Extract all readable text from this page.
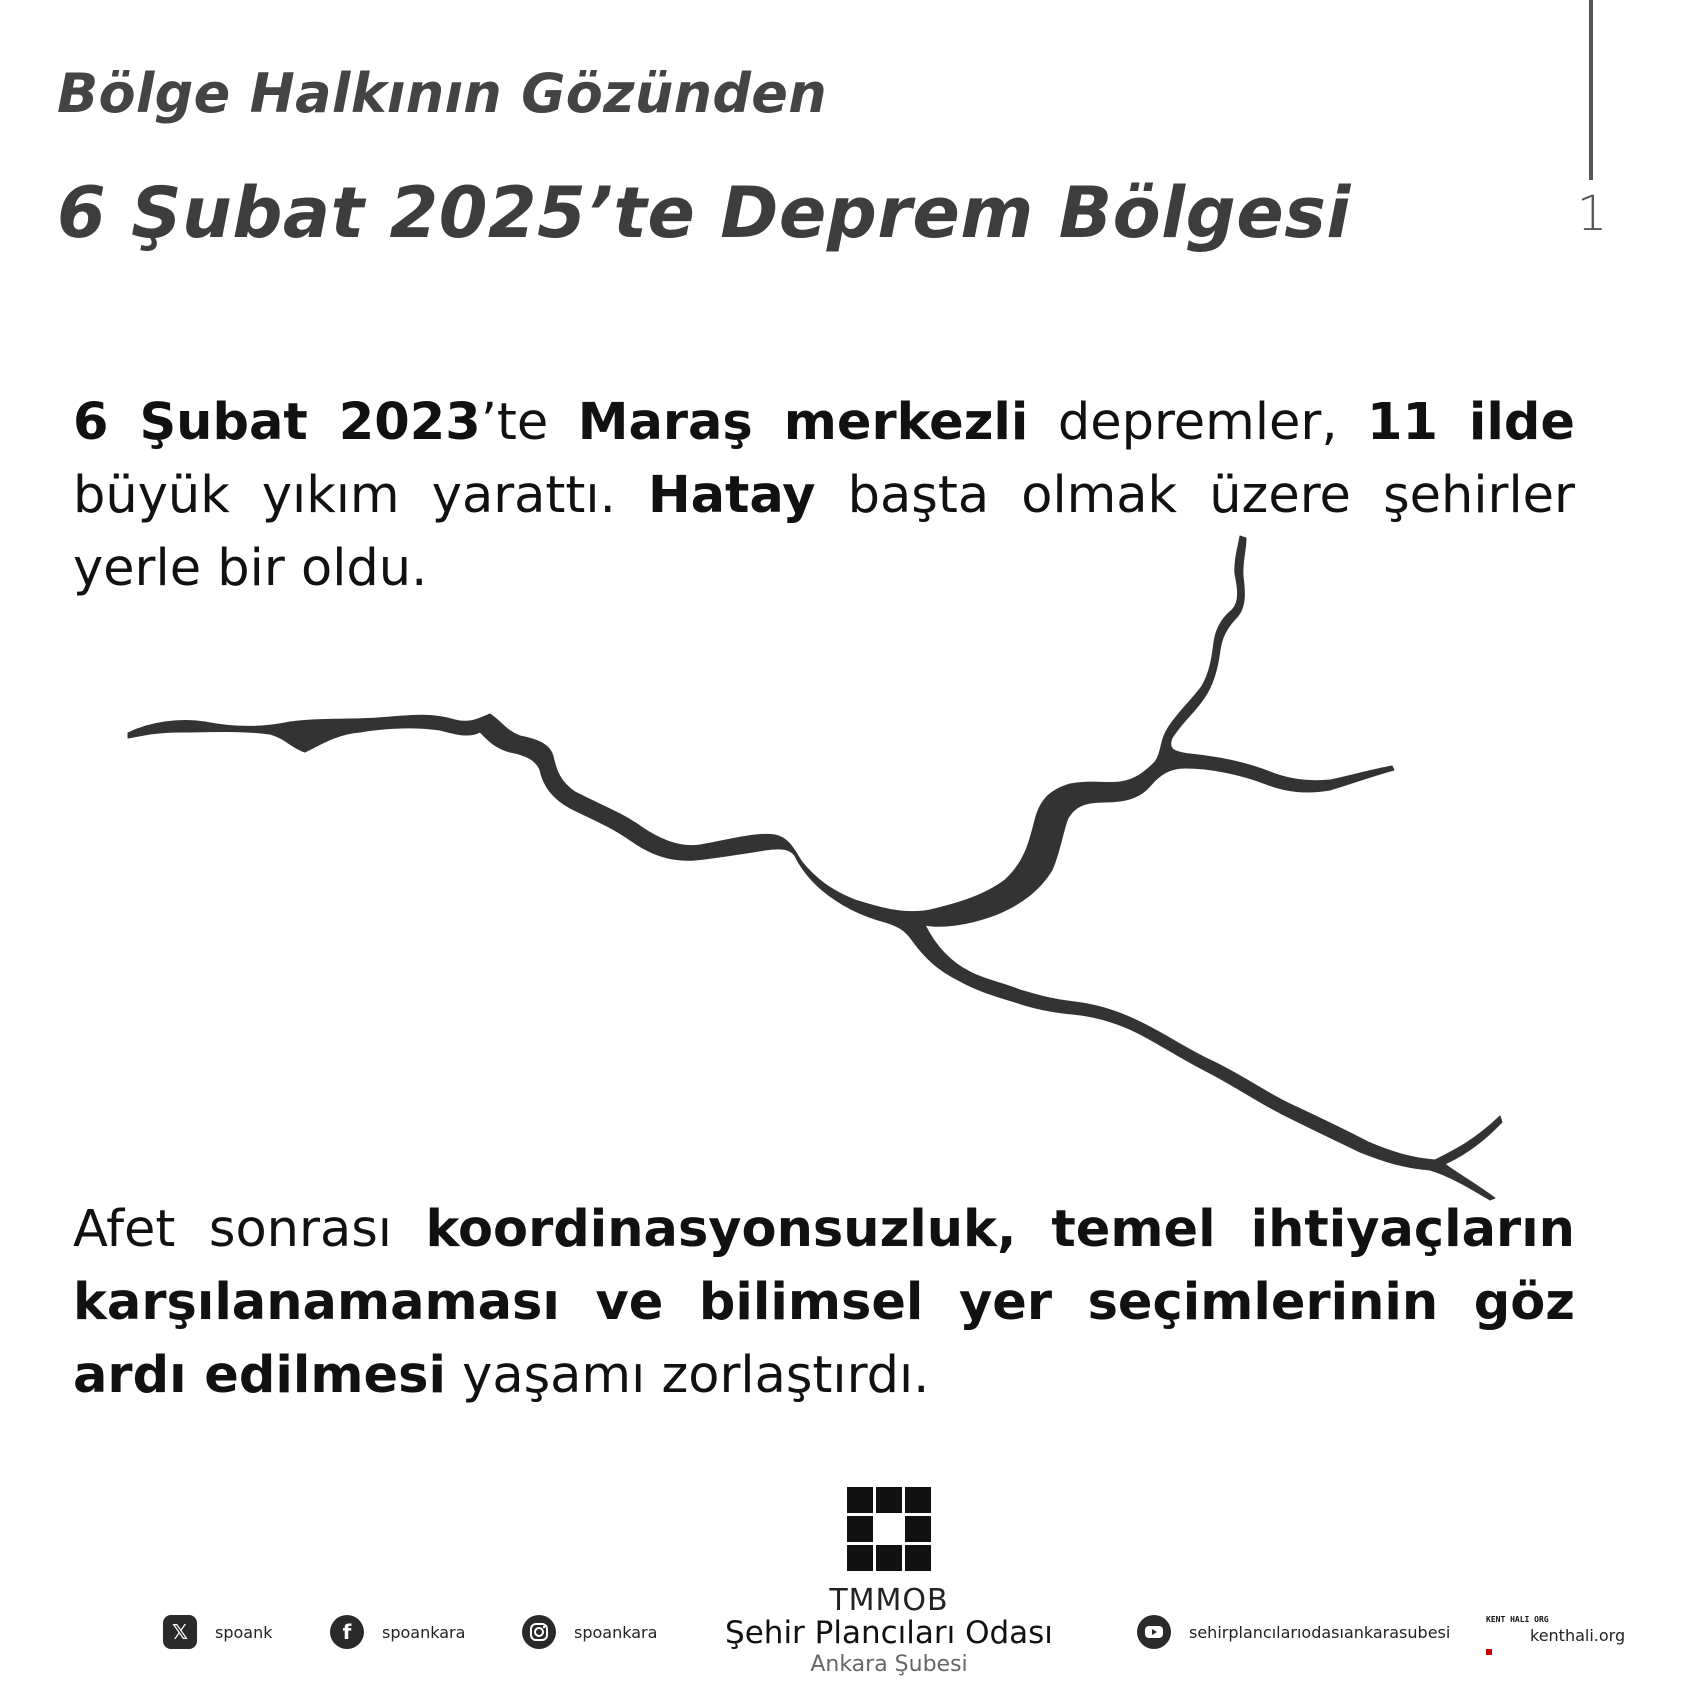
Bölge Halkının Gözünden
6 Şubat 2025’te Deprem Bölgesi	1
6 Şubat 2023’te Maraş merkezli depremler, 11 ilde büyük yıkım yarattı. Hatay başta olmak üzere şehirler yerle bir oldu.
Afet sonrası koordinasyonsuzluk, temel ihtiyaçların karşılanamaması ve bilimsel yer seçimlerinin göz ardı edilmesi yaşamı zorlaştırdı.
TMMOB
Şehir Plancıları Odası
Ankara Şubesi
𝕏	spoank	f	spoankara	spoankara	sehirplancılarıodasıankarasubesi
KENT HALI ORG
kenthali.org
